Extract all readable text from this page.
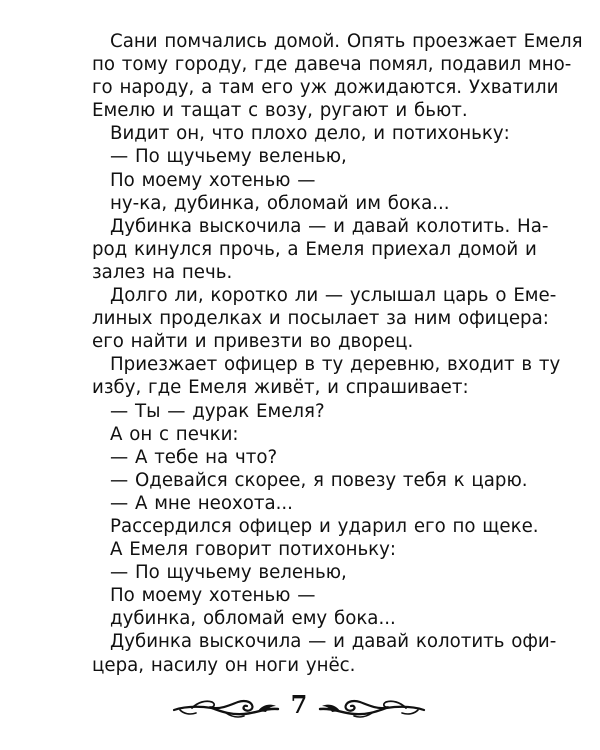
Сани помчались домой. Опять проезжает Емеля
по тому городу, где давеча помял, подавил мно-
го народу, а там его уж дожидаются. Ухватили
Емелю и тащат с возу, ругают и бьют.
Видит он, что плохо дело, и потихоньку:
— По щучьему веленью,
По моему хотенью —
ну-ка, дубинка, обломай им бока...
Дубинка выскочила — и давай колотить. На-
род кинулся прочь, а Емеля приехал домой и
залез на печь.
Долго ли, коротко ли — услышал царь о Еме-
линых проделках и посылает за ним офицера:
его найти и привезти во дворец.
Приезжает офицер в ту деревню, входит в ту
избу, где Емеля живёт, и спрашивает:
— Ты — дурак Емеля?
А он с печки:
— А тебе на что?
— Одевайся скорее, я повезу тебя к царю.
— А мне неохота...
Рассердился офицер и ударил его по щеке.
А Емеля говорит потихоньку:
— По щучьему веленью,
По моему хотенью —
дубинка, обломай ему бока...
Дубинка выскочила — и давай колотить офи-
цера, насилу он ноги унёс.
7
